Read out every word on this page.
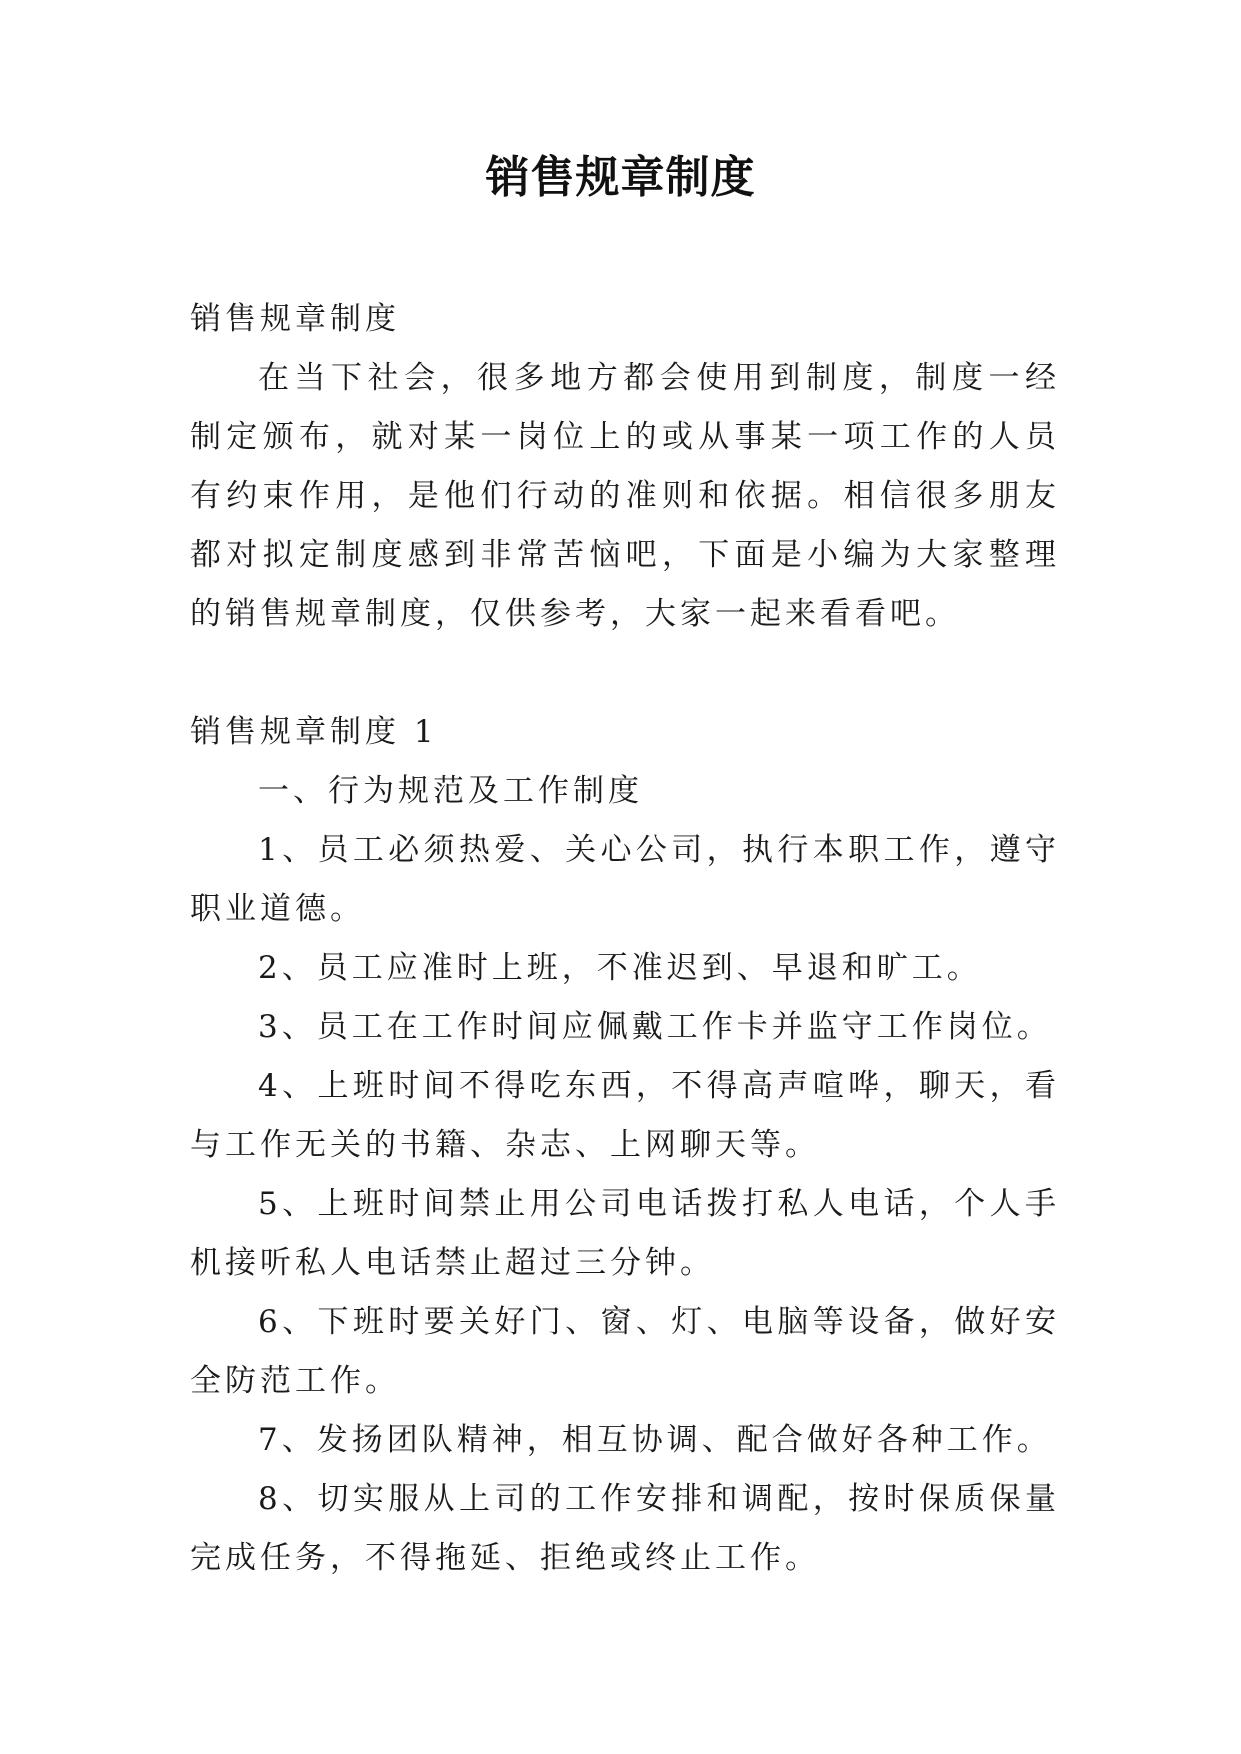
销售规章制度

销售规章制度

在当下社会，很多地方都会使用到制度，制度一经制定颁布，就对某一岗位上的或从事某一项工作的人员有约束作用，是他们行动的准则和依据。相信很多朋友都对拟定制度感到非常苦恼吧，下面是小编为大家整理的销售规章制度，仅供参考，大家一起来看看吧。

销售规章制度 1

一、行为规范及工作制度

1、员工必须热爱、关心公司，执行本职工作，遵守职业道德。

2、员工应准时上班，不准迟到、早退和旷工。

3、员工在工作时间应佩戴工作卡并监守工作岗位。

4、上班时间不得吃东西，不得高声喧哗，聊天，看与工作无关的书籍、杂志、上网聊天等。

5、上班时间禁止用公司电话拨打私人电话，个人手机接听私人电话禁止超过三分钟。

6、下班时要关好门、窗、灯、电脑等设备，做好安全防范工作。

7、发扬团队精神，相互协调、配合做好各种工作。

8、切实服从上司的工作安排和调配，按时保质保量完成任务，不得拖延、拒绝或终止工作。
